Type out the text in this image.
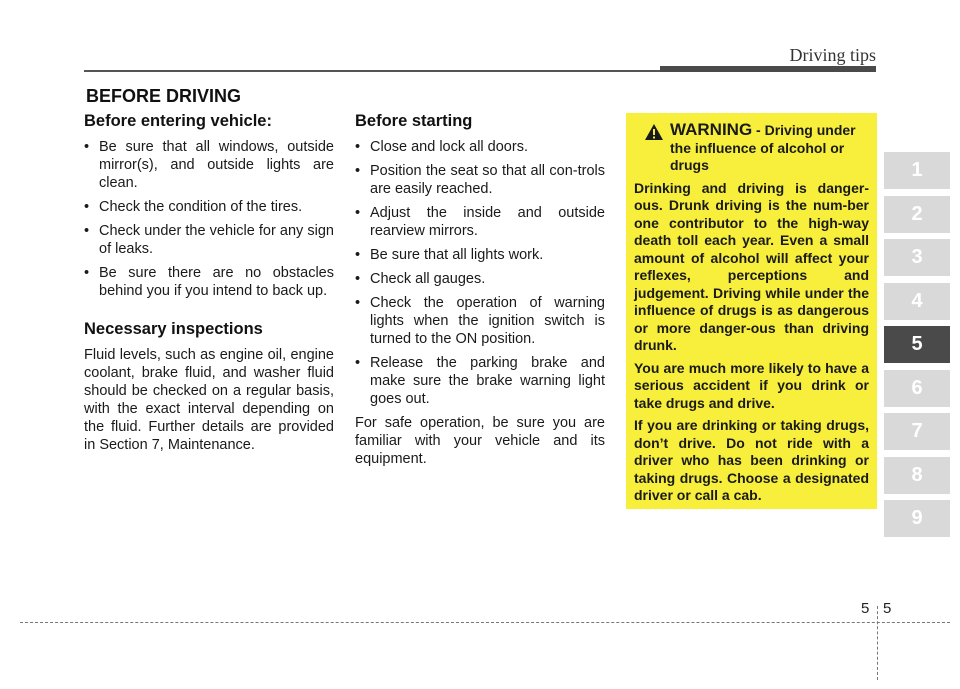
Driving tips
BEFORE DRIVING
Before entering vehicle:
• Be sure that all windows, outside mirror(s), and outside lights are clean.
• Check the condition of the tires.
• Check under the vehicle for any sign of leaks.
• Be sure there are no obstacles behind you if you intend to back up.
Necessary inspections

Fluid levels, such as engine oil, engine coolant, brake fluid, and washer fluid should be checked on a regular basis, with the exact interval depending on the fluid. Further details are provided in Section 7, Maintenance.

Before starting
• Close and lock all doors.
• Position the seat so that all con-trols are easily reached.
• Adjust the inside and outside rearview mirrors.
• Be sure that all lights work.
• Check all gauges.
• Check the operation of warning lights when the ignition switch is turned to the ON position.
• Release the parking brake and make sure the brake warning light goes out.

For safe operation, be sure you are familiar with your vehicle and its equipment.

WARNING - Driving under the influence of alcohol or drugs

Drinking and driving is danger-ous. Drunk driving is the num-ber one contributor to the high-way death toll each year. Even a small amount of alcohol will affect your reflexes, perceptions and judgement. Driving while under the influence of drugs is as dangerous or more danger-ous than driving drunk.

You are much more likely to have a serious accident if you drink or take drugs and drive.

If you are drinking or taking drugs, don’t drive. Do not ride with a driver who has been drinking or taking drugs. Choose a designated driver or call a cab.

1
2
3
4
5
6
7
8
9
5 5
